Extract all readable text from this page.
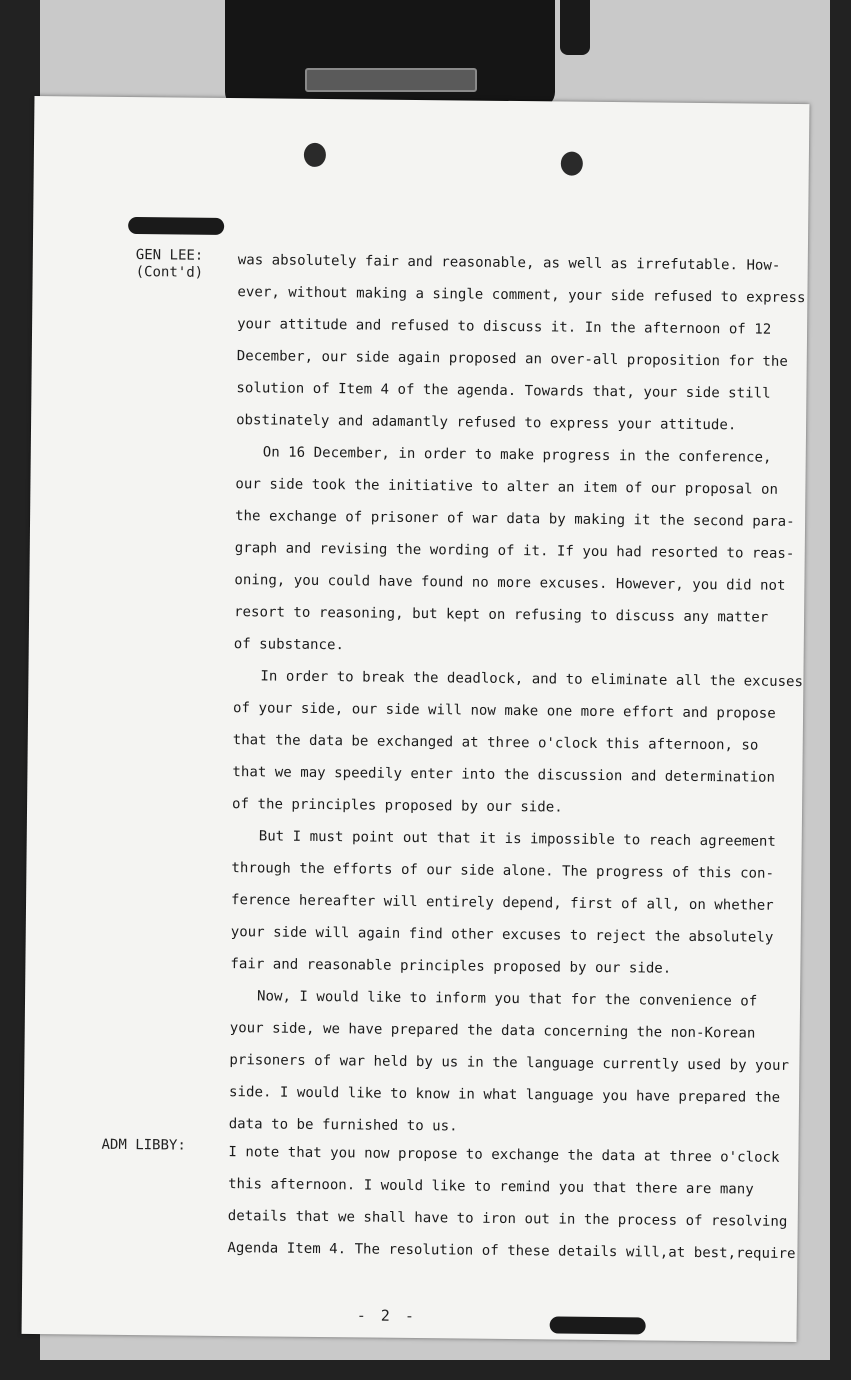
GEN LEE:
(Cont'd)
ADM LIBBY:
was absolutely fair and reasonable, as well as irrefutable. How-
ever, without making a single comment, your side refused to express
your attitude and refused to discuss it. In the afternoon of 12
December, our side again proposed an over-all proposition for the
solution of Item 4 of the agenda. Towards that, your side still
obstinately and adamantly refused to express your attitude.
On 16 December, in order to make progress in the conference,
our side took the initiative to alter an item of our proposal on
the exchange of prisoner of war data by making it the second para-
graph and revising the wording of it. If you had resorted to reas-
oning, you could have found no more excuses. However, you did not
resort to reasoning, but kept on refusing to discuss any matter
of substance.
In order to break the deadlock, and to eliminate all the excuses
of your side, our side will now make one more effort and propose
that the data be exchanged at three o'clock this afternoon, so
that we may speedily enter into the discussion and determination
of the principles proposed by our side.
But I must point out that it is impossible to reach agreement
through the efforts of our side alone. The progress of this con-
ference hereafter will entirely depend, first of all, on whether
your side will again find other excuses to reject the absolutely
fair and reasonable principles proposed by our side.
Now, I would like to inform you that for the convenience of
your side, we have prepared the data concerning the non-Korean
prisoners of war held by us in the language currently used by your
side. I would like to know in what language you have prepared the
data to be furnished to us.
I note that you now propose to exchange the data at three o'clock
this afternoon. I would like to remind you that there are many
details that we shall have to iron out in the process of resolving
Agenda Item 4. The resolution of these details will,at best,require
- 2 -
